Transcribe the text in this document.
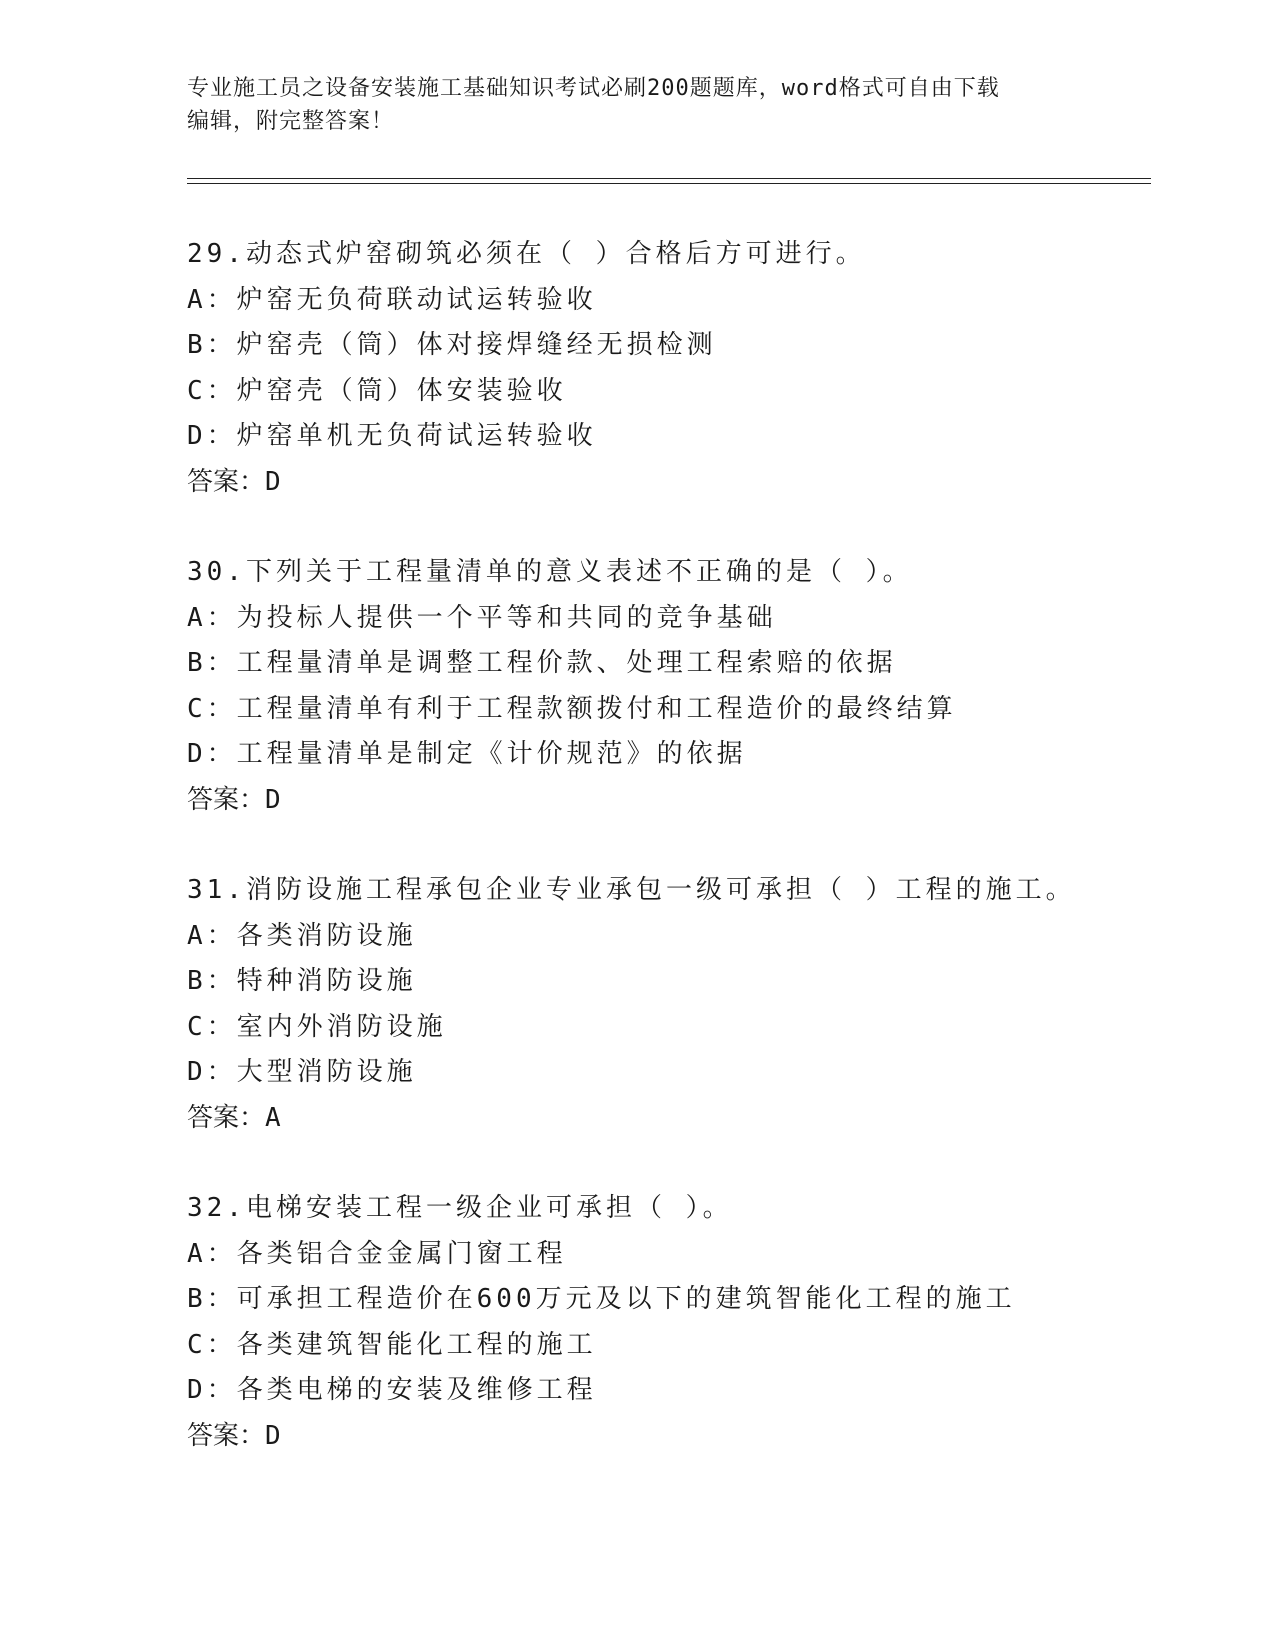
专业施工员之设备安装施工基础知识考试必刷200题题库，word格式可自由下载
编辑，附完整答案！
29.动态式炉窑砌筑必须在（ ）合格后方可进行。
A：炉窑无负荷联动试运转验收
B：炉窑壳（筒）体对接焊缝经无损检测
C：炉窑壳（筒）体安装验收
D：炉窑单机无负荷试运转验收
答案：D
30.下列关于工程量清单的意义表述不正确的是（ ）。
A：为投标人提供一个平等和共同的竞争基础
B：工程量清单是调整工程价款、处理工程索赔的依据
C：工程量清单有利于工程款额拨付和工程造价的最终结算
D：工程量清单是制定《计价规范》的依据
答案：D
31.消防设施工程承包企业专业承包一级可承担（ ）工程的施工。
A：各类消防设施
B：特种消防设施
C：室内外消防设施
D：大型消防设施
答案：A
32.电梯安装工程一级企业可承担（ ）。
A：各类铝合金金属门窗工程
B：可承担工程造价在600万元及以下的建筑智能化工程的施工
C：各类建筑智能化工程的施工
D：各类电梯的安装及维修工程
答案：D
